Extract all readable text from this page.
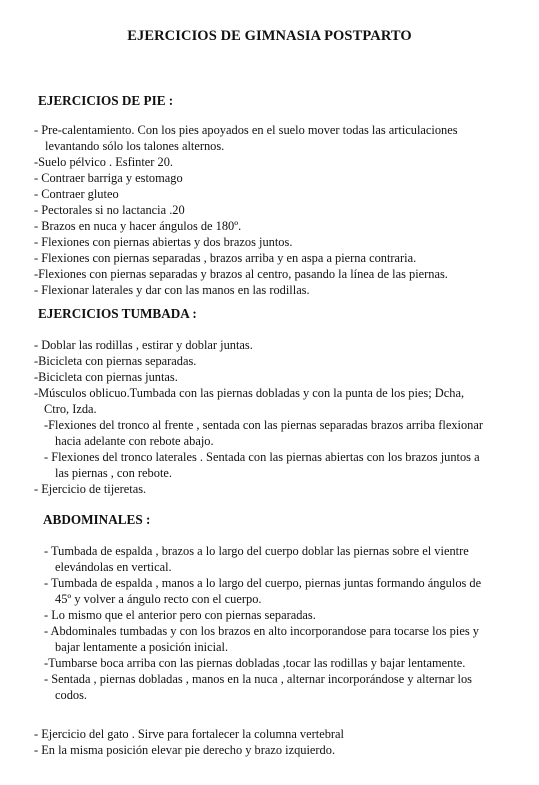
EJERCICIOS DE GIMNASIA POSTPARTO
EJERCICIOS DE PIE :

- Pre-calentamiento. Con los pies apoyados en el suelo mover todas las articulaciones

levantando sólo los talones alternos.

-Suelo pélvico . Esfinter 20.

- Contraer barriga y estomago

- Contraer gluteo

- Pectorales si no lactancia .20

- Brazos en nuca y hacer ángulos de 180º.

- Flexiones con piernas abiertas y dos brazos juntos.

- Flexiones con piernas separadas , brazos arriba y en aspa a pierna contraria.

-Flexiones con piernas separadas y brazos al centro, pasando la línea de las piernas.

- Flexionar laterales y dar con las manos en las rodillas.

EJERCICIOS TUMBADA :

- Doblar las rodillas , estirar y doblar juntas.

-Bicicleta con piernas separadas.

-Bicicleta con piernas juntas.

-Músculos oblicuo.Tumbada con las piernas dobladas y con la punta de los pies; Dcha,

Ctro, Izda.

-Flexiones del tronco al frente , sentada con las piernas separadas brazos arriba flexionar

hacia adelante con rebote abajo.

- Flexiones del tronco laterales . Sentada con las piernas abiertas con los brazos juntos a

las piernas , con rebote.

- Ejercicio de tijeretas.

ABDOMINALES :

- Tumbada de espalda , brazos a lo largo del cuerpo doblar las piernas sobre el vientre

elevándolas en vertical.

- Tumbada de espalda , manos a lo largo del cuerpo, piernas juntas formando ángulos de

45º y volver a ángulo recto con el cuerpo.

- Lo mismo que el anterior pero con piernas separadas.

- Abdominales tumbadas y con los brazos en alto incorporandose para tocarse los pies y

bajar lentamente a posición inicial.

-Tumbarse boca arriba con las piernas dobladas ,tocar las rodillas y bajar lentamente.

- Sentada , piernas dobladas , manos en la nuca , alternar incorporándose y alternar los

codos.

- Ejercicio del gato . Sirve para fortalecer la columna vertebral

- En la misma posición elevar pie derecho y brazo izquierdo.
